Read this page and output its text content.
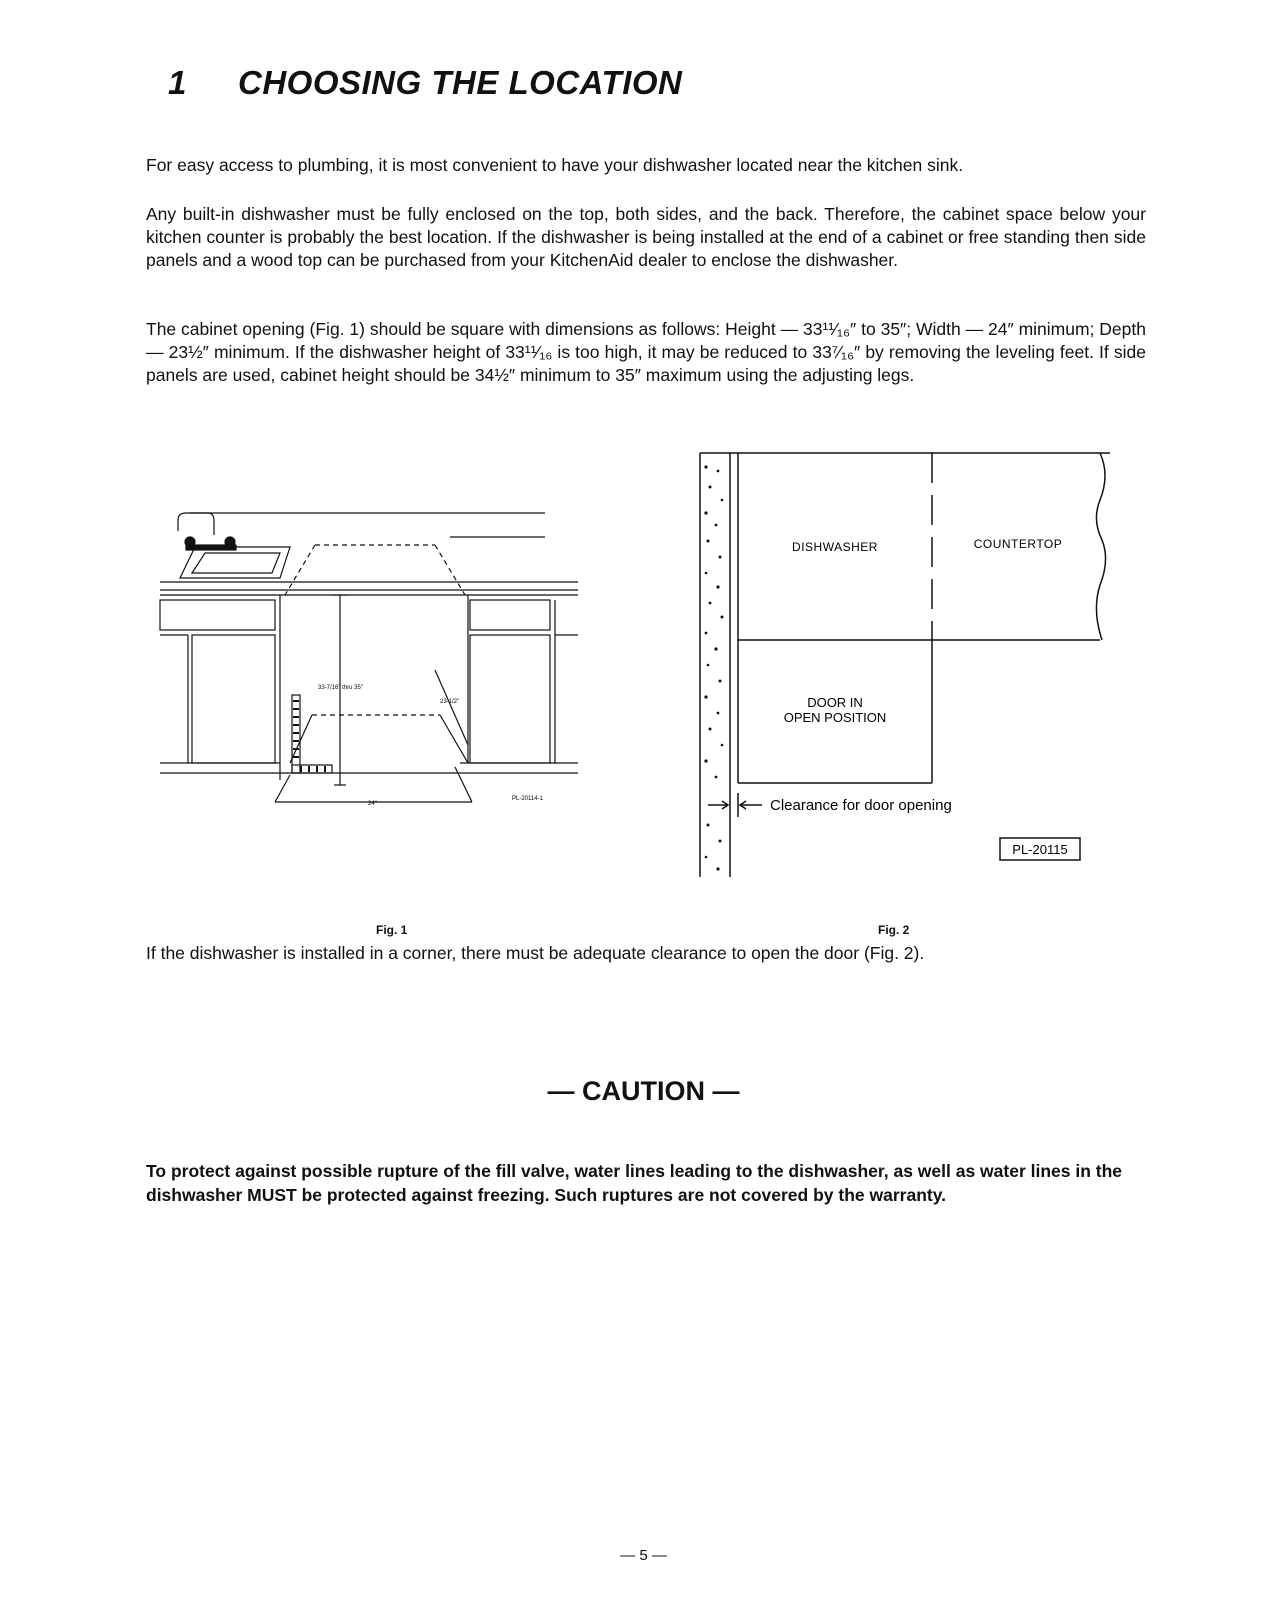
1 CHOOSING THE LOCATION

For easy access to plumbing, it is most convenient to have your dishwasher located near the kitchen sink.

Any built-in dishwasher must be fully enclosed on the top, both sides, and the back. Therefore, the cabinet space below your kitchen counter is probably the best location. If the dishwasher is being installed at the end of a cabinet or free standing then side panels and a wood top can be purchased from your KitchenAid dealer to enclose the dishwasher.

The cabinet opening (Fig. 1) should be square with dimensions as follows: Height — 33¹¹⁄₁₆″ to 35″; Width — 24″ minimum; Depth — 23½″ minimum. If the dishwasher height of 33¹¹⁄₁₆ is too high, it may be reduced to 33⁷⁄₁₆″ by removing the leveling feet. If side panels are used, cabinet height should be 34½″ minimum to 35″ maximum using the adjusting legs.

33-7/16" thru 35"
23-1/2"
24"
PL-20114-1
DISHWASHER	COUNTERTOP
DOOR IN
OPEN POSITION
Clearance for door opening
PL-20115
Fig. 1	Fig. 2

If the dishwasher is installed in a corner, there must be adequate clearance to open the door (Fig. 2).

— CAUTION —

To protect against possible rupture of the fill valve, water lines leading to the dishwasher, as well as water lines in the dishwasher MUST be protected against freezing. Such ruptures are not covered by the warranty.

— 5 —
